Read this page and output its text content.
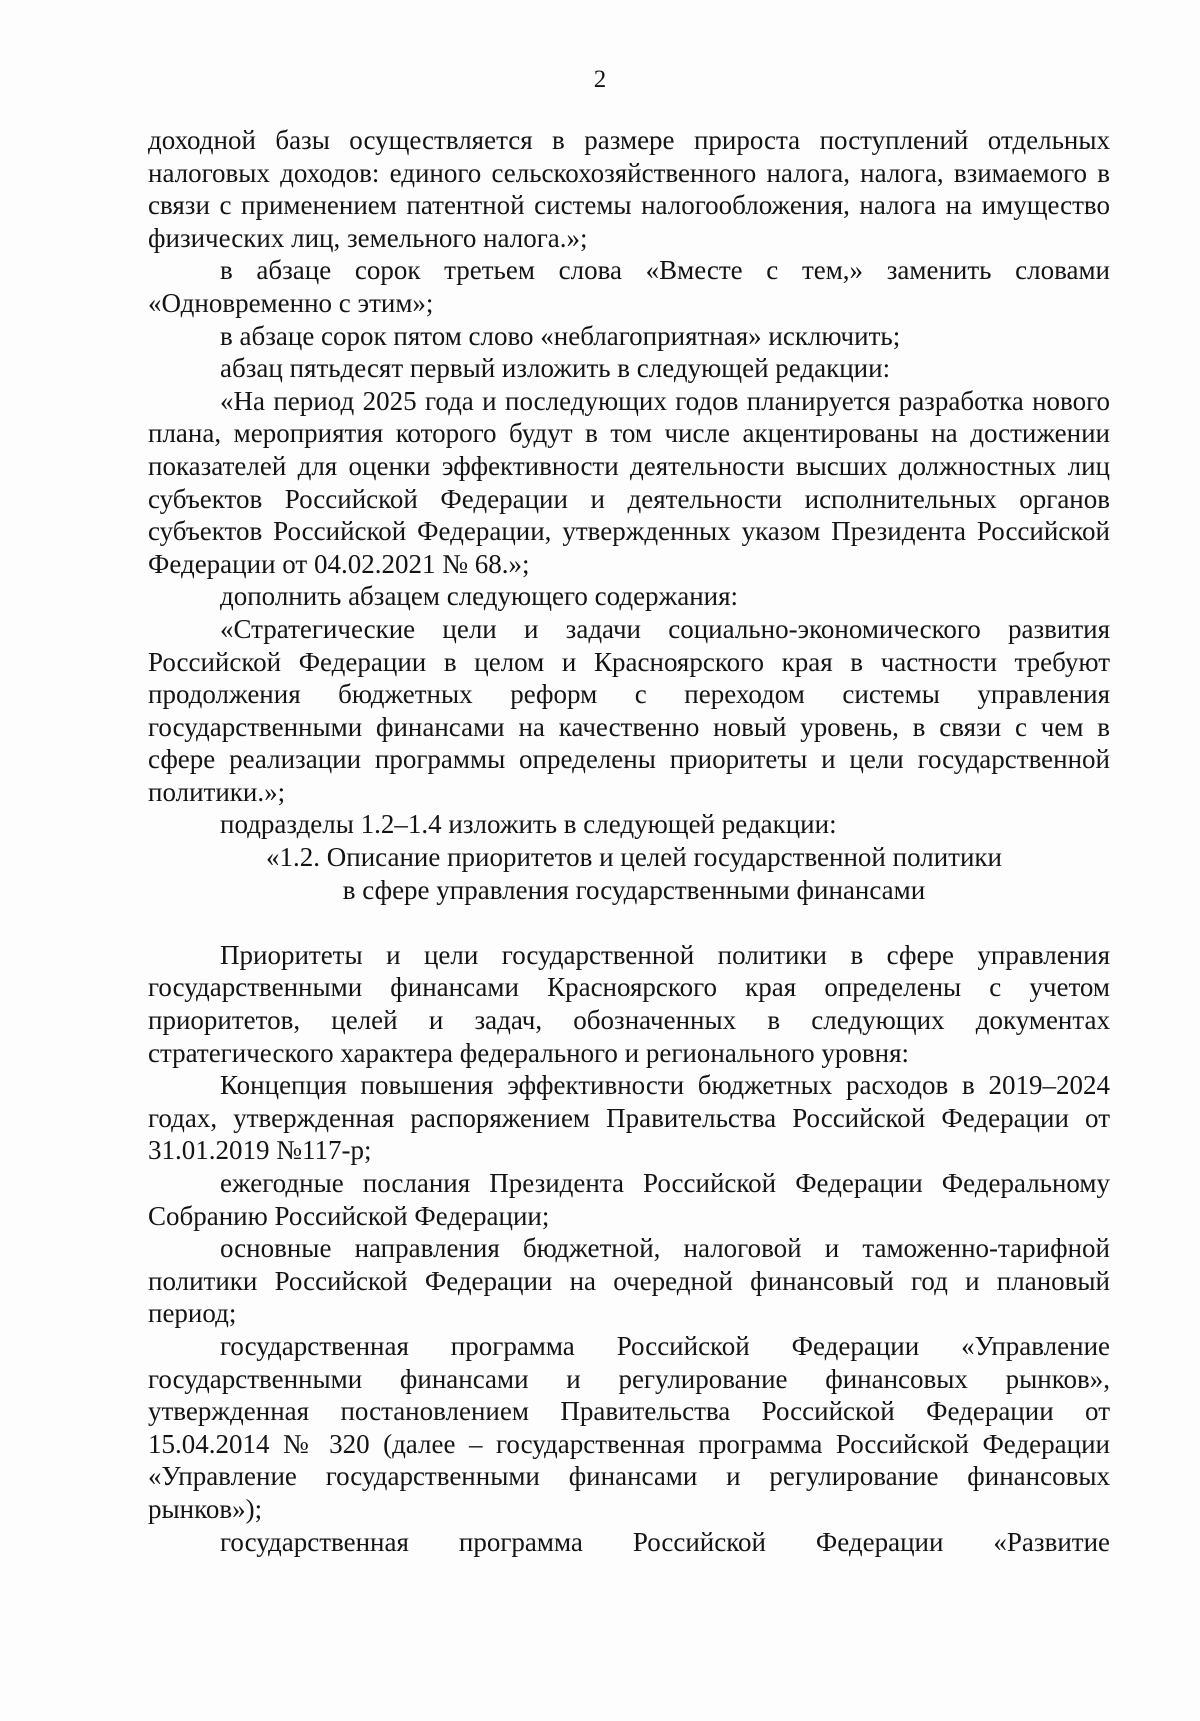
2

доходной базы осуществляется в размере прироста поступлений отдельных налоговых доходов: единого сельскохозяйственного налога, налога, взимаемого в связи с применением патентной системы налогообложения, налога на имущество физических лиц, земельного налога.»;

в абзаце сорок третьем слова «Вместе с тем,» заменить словами «Одновременно с этим»;

в абзаце сорок пятом слово «неблагоприятная» исключить;

абзац пятьдесят первый изложить в следующей редакции:

«На период 2025 года и последующих годов планируется разработка нового плана, мероприятия которого будут в том числе акцентированы на достижении показателей для оценки эффективности деятельности высших должностных лиц субъектов Российской Федерации и деятельности исполнительных органов субъектов Российской Федерации, утвержденных указом Президента Российской Федерации от 04.02.2021 № 68.»;

дополнить абзацем следующего содержания:

«Стратегические цели и задачи социально-экономического развития Российской Федерации в целом и Красноярского края в частности требуют продолжения бюджетных реформ с переходом системы управления государственными финансами на качественно новый уровень, в связи с чем в сфере реализации программы определены приоритеты и цели государственной политики.»;

подразделы 1.2–1.4 изложить в следующей редакции:

«1.2. Описание приоритетов и целей государственной политики

в сфере управления государственными финансами

Приоритеты и цели государственной политики в сфере управления государственными финансами Красноярского края определены с учетом приоритетов, целей и задач, обозначенных в следующих документах стратегического характера федерального и регионального уровня:

Концепция повышения эффективности бюджетных расходов в 2019–2024 годах, утвержденная распоряжением Правительства Российской Федерации от 31.01.2019 №117-р;

ежегодные послания Президента Российской Федерации Федеральному Собранию Российской Федерации;

основные направления бюджетной, налоговой и таможенно-тарифной политики Российской Федерации на очередной финансовый год и плановый период;

государственная программа Российской Федерации «Управление государственными финансами и регулирование финансовых рынков», утвержденная постановлением Правительства Российской Федерации от 15.04.2014 № 320 (далее – государственная программа Российской Федерации «Управление государственными финансами и регулирование финансовых рынков»);

государственная программа Российской Федерации «Развитие
